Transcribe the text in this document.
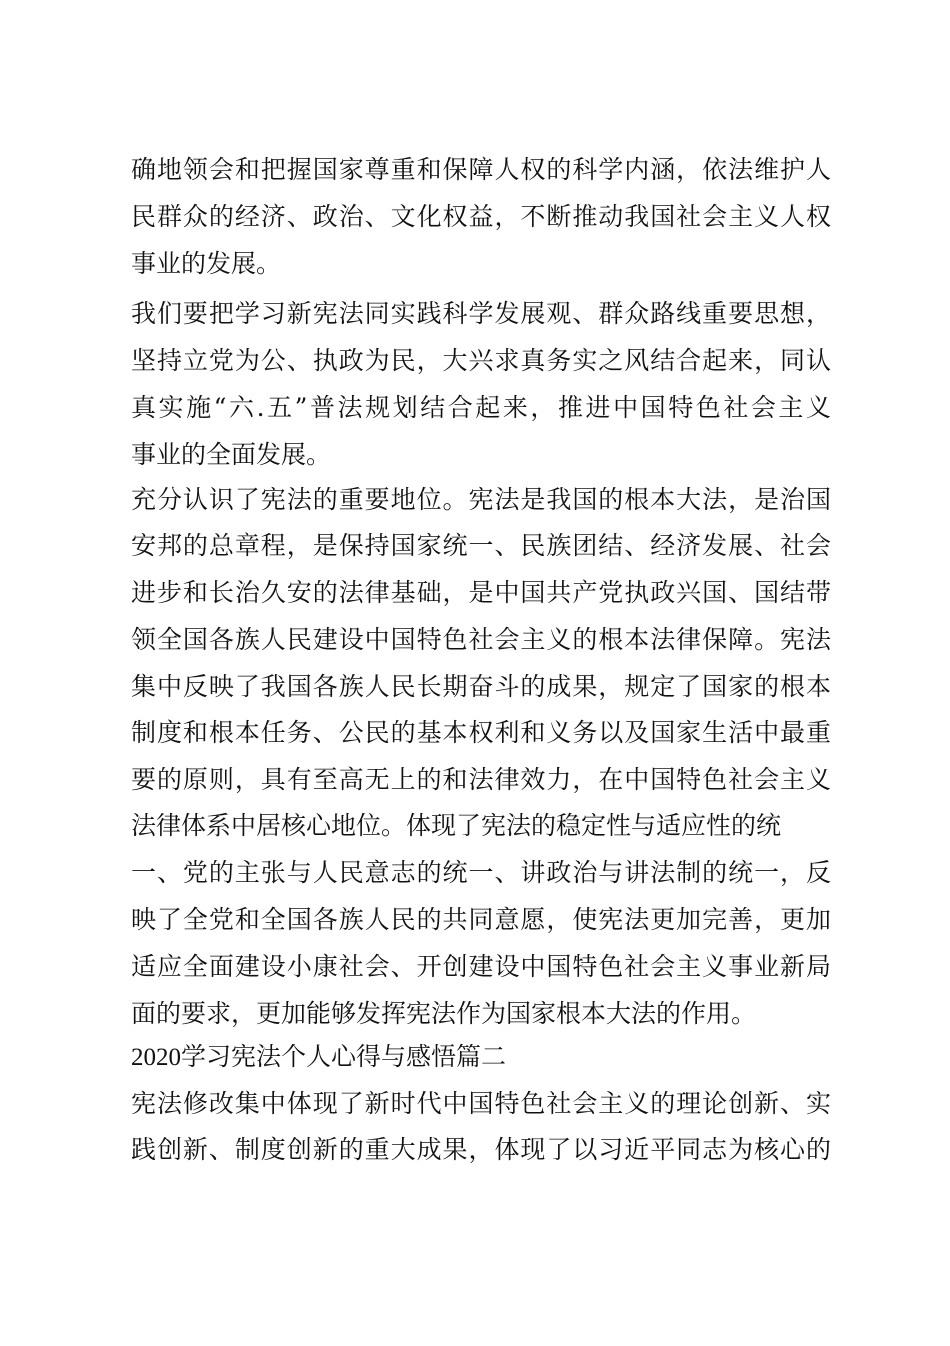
确地领会和把握国家尊重和保障人权的科学内涵，依法维护人
民群众的经济、政治、文化权益，不断推动我国社会主义人权
事业的发展。
我们要把学习新宪法同实践科学发展观、群众路线重要思想，
坚持立党为公、执政为民，大兴求真务实之风结合起来，同认
真实施“六.五”普法规划结合起来，推进中国特色社会主义
事业的全面发展。
充分认识了宪法的重要地位。宪法是我国的根本大法，是治国
安邦的总章程，是保持国家统一、民族团结、经济发展、社会
进步和长治久安的法律基础，是中国共产党执政兴国、国结带
领全国各族人民建设中国特色社会主义的根本法律保障。宪法
集中反映了我国各族人民长期奋斗的成果，规定了国家的根本
制度和根本任务、公民的基本权利和义务以及国家生活中最重
要的原则，具有至高无上的和法律效力，在中国特色社会主义
法律体系中居核心地位。体现了宪法的稳定性与适应性的统
一、党的主张与人民意志的统一、讲政治与讲法制的统一，反
映了全党和全国各族人民的共同意愿，使宪法更加完善，更加
适应全面建设小康社会、开创建设中国特色社会主义事业新局
面的要求，更加能够发挥宪法作为国家根本大法的作用。
2020学习宪法个人心得与感悟篇二
宪法修改集中体现了新时代中国特色社会主义的理论创新、实
践创新、制度创新的重大成果，体现了以习近平同志为核心的
